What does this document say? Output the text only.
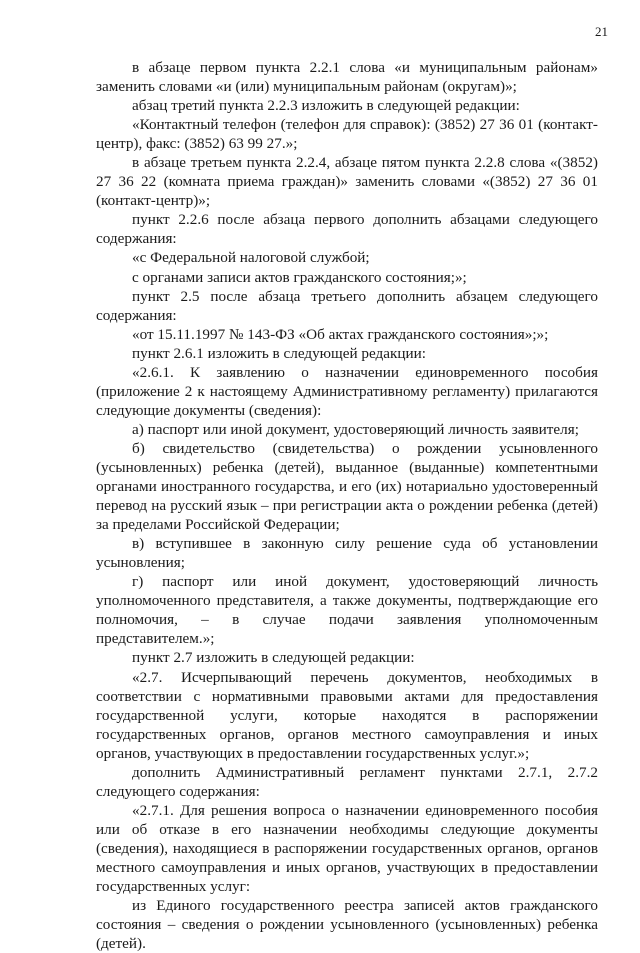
21

в абзаце первом пункта 2.2.1 слова «и муниципальным районам» заменить словами «и (или) муниципальным районам (округам)»;

абзац третий пункта 2.2.3 изложить в следующей редакции:

«Контактный телефон (телефон для справок): (3852) 27 36 01 (контакт-центр), факс: (3852) 63 99 27.»;

в абзаце третьем пункта 2.2.4, абзаце пятом пункта 2.2.8 слова «(3852) 27 36 22 (комната приема граждан)» заменить словами «(3852) 27 36 01 (контакт-центр)»;

пункт 2.2.6 после абзаца первого дополнить абзацами следующего содержания:

«с Федеральной налоговой службой;

с органами записи актов гражданского состояния;»;

пункт 2.5 после абзаца третьего дополнить абзацем следующего содержания:

«от 15.11.1997 № 143-ФЗ «Об актах гражданского состояния»;»;

пункт 2.6.1 изложить в следующей редакции:

«2.6.1. К заявлению о назначении единовременного пособия (приложение 2 к настоящему Административному регламенту) прилагаются следующие документы (сведения):

а) паспорт или иной документ, удостоверяющий личность заявителя;

б) свидетельство (свидетельства) о рождении усыновленного (усыновленных) ребенка (детей), выданное (выданные) компетентными органами иностранного государства, и его (их) нотариально удостоверенный перевод на русский язык – при регистрации акта о рождении ребенка (детей) за пределами Российской Федерации;

в) вступившее в законную силу решение суда об установлении усыновления;

г) паспорт или иной документ, удостоверяющий личность уполномоченного представителя, а также документы, подтверждающие его полномочия, – в случае подачи заявления уполномоченным представителем.»;

пункт 2.7 изложить в следующей редакции:

«2.7. Исчерпывающий перечень документов, необходимых в соответствии с нормативными правовыми актами для предоставления государственной услуги, которые находятся в распоряжении государственных органов, органов местного самоуправления и иных органов, участвующих в предоставлении государственных услуг.»;

дополнить Административный регламент пунктами 2.7.1, 2.7.2 следующего содержания:

«2.7.1. Для решения вопроса о назначении единовременного пособия или об отказе в его назначении необходимы следующие документы (сведения), находящиеся в распоряжении государственных органов, органов местного самоуправления и иных органов, участвующих в предоставлении государственных услуг:

из Единого государственного реестра записей актов гражданского состояния – сведения о рождении усыновленного (усыновленных) ребенка (детей).
